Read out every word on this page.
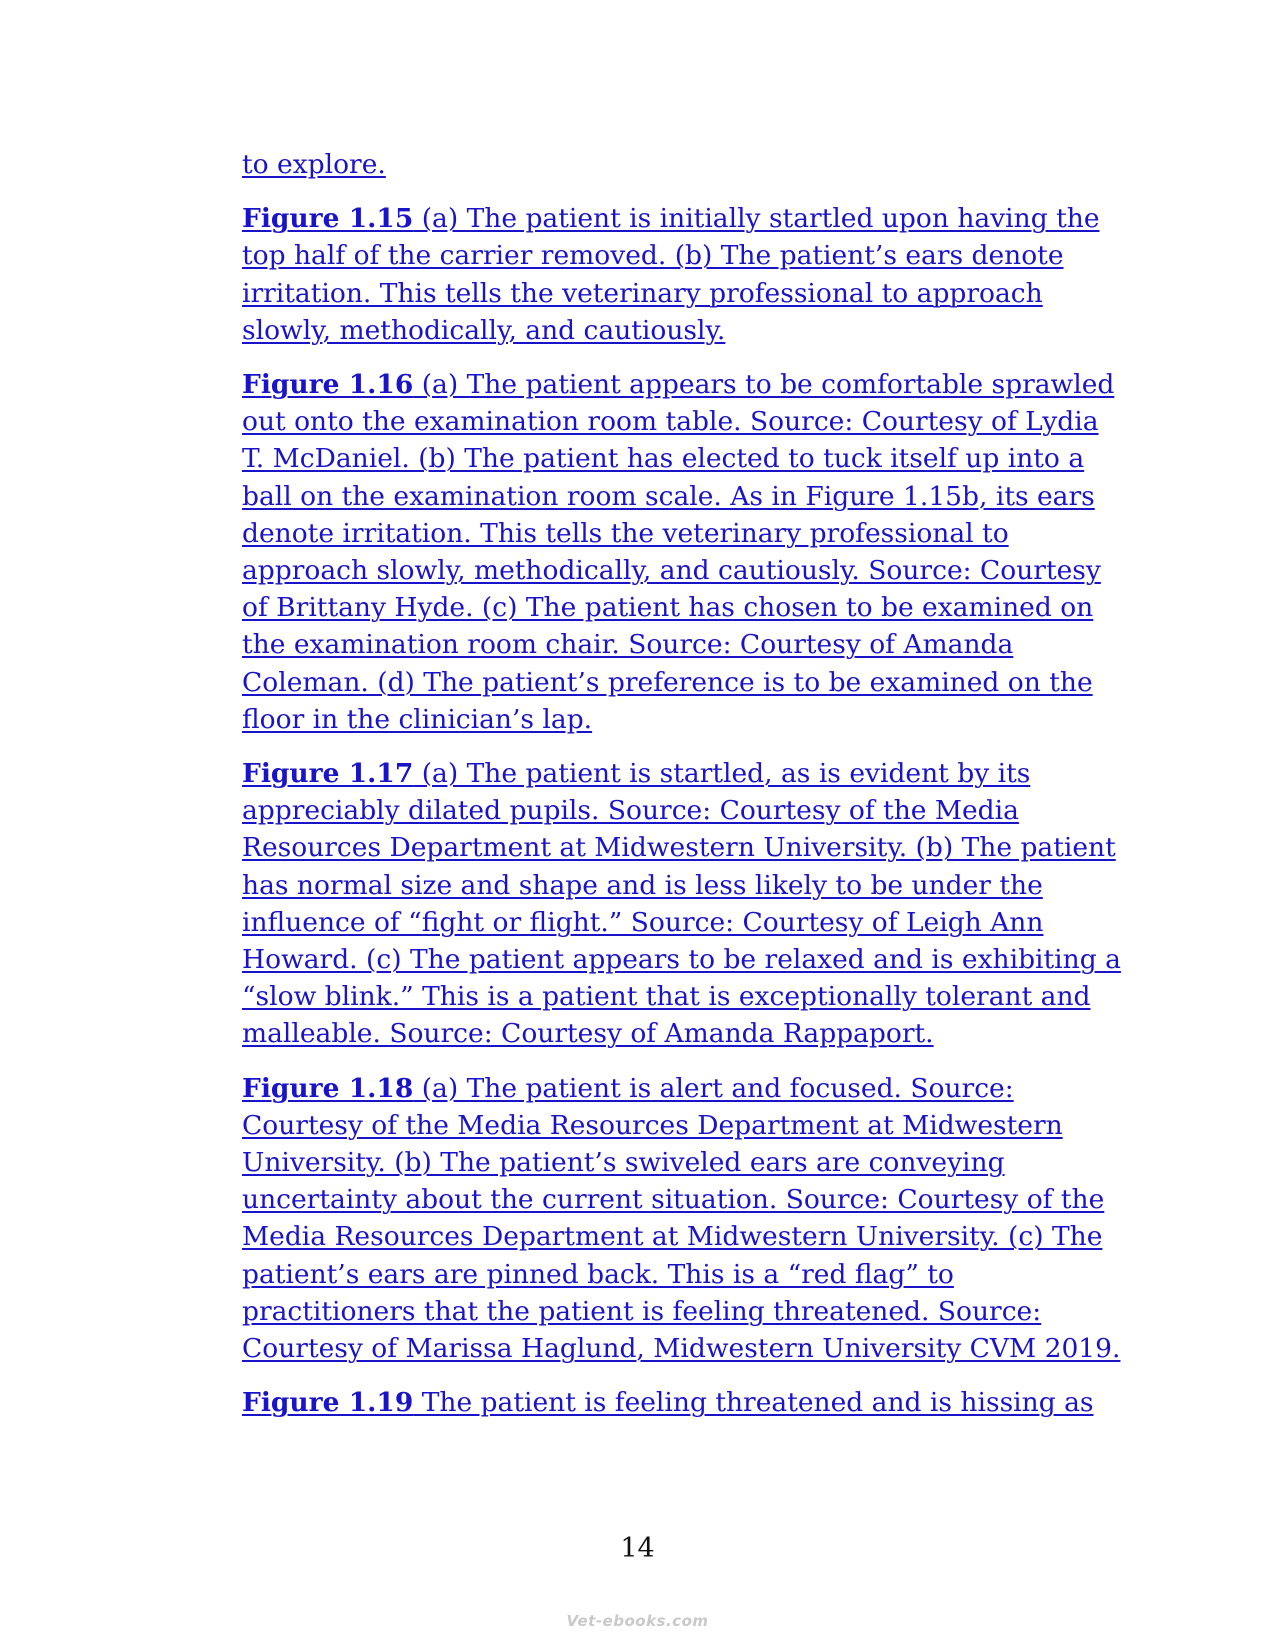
to explore.

Figure 1.15 (a) The patient is initially startled upon having the top half of the carrier removed. (b) The patient’s ears denote irritation. This tells the veterinary professional to approach slowly, methodically, and cautiously.

Figure 1.16 (a) The patient appears to be comfortable sprawled out onto the examination room table. Source: Courtesy of Lydia T. McDaniel. (b) The patient has elected to tuck itself up into a ball on the examination room scale. As in Figure 1.15b, its ears denote irritation. This tells the veterinary professional to approach slowly, methodically, and cautiously. Source: Courtesy of Brittany Hyde. (c) The patient has chosen to be examined on the examination room chair. Source: Courtesy of Amanda Coleman. (d) The patient’s preference is to be examined on the floor in the clinician’s lap.

Figure 1.17 (a) The patient is startled, as is evident by its appreciably dilated pupils. Source: Courtesy of the Media Resources Department at Midwestern University. (b) The patient has normal size and shape and is less likely to be under the influence of “fight or flight.” Source: Courtesy of Leigh Ann Howard. (c) The patient appears to be relaxed and is exhibiting a “slow blink.” This is a patient that is exceptionally tolerant and malleable. Source: Courtesy of Amanda Rappaport.

Figure 1.18 (a) The patient is alert and focused. Source: Courtesy of the Media Resources Department at Midwestern University. (b) The patient’s swiveled ears are conveying uncertainty about the current situation. Source: Courtesy of the Media Resources Department at Midwestern University. (c) The patient’s ears are pinned back. This is a “red flag” to practitioners that the patient is feeling threatened. Source: Courtesy of Marissa Haglund, Midwestern University CVM 2019.

Figure 1.19 The patient is feeling threatened and is hissing as

14
Vet-ebooks.com
